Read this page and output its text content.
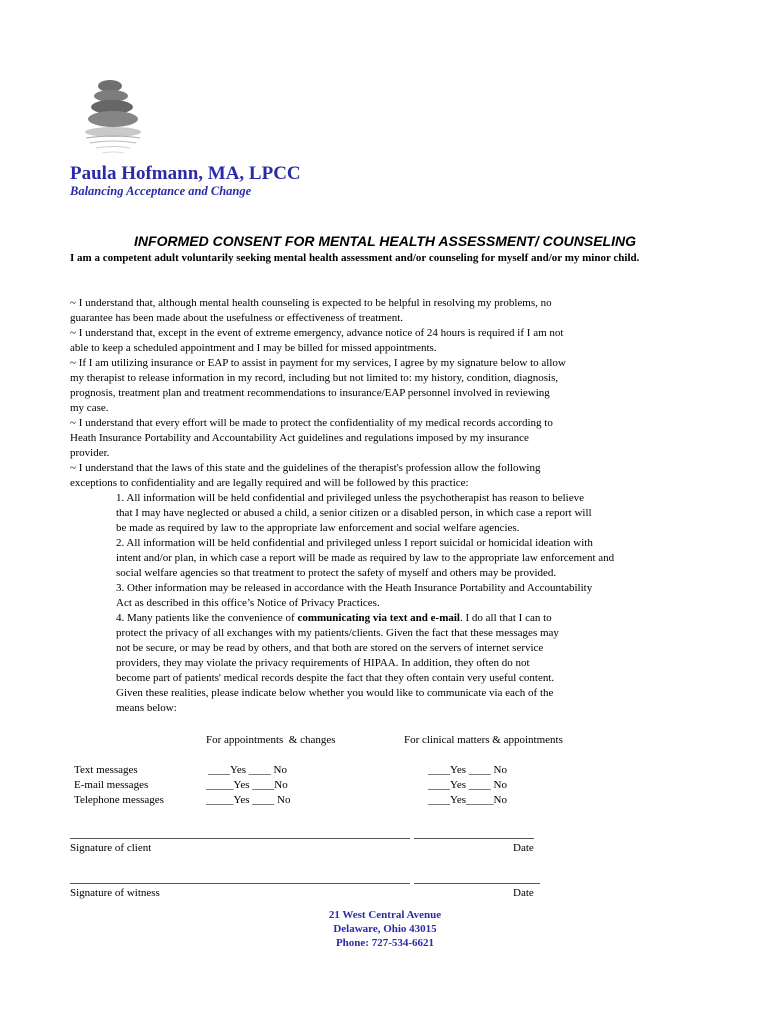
Paula Hofmann, MA, LPCC
Balancing Acceptance and Change
INFORMED CONSENT FOR MENTAL HEALTH ASSESSMENT/ COUNSELING
I am a competent adult voluntarily seeking mental health assessment and/or counseling for myself and/or my minor child.
~ I understand that, although mental health counseling is expected to be helpful in resolving my problems, no
guarantee has been made about the usefulness or effectiveness of treatment.
~ I understand that, except in the event of extreme emergency, advance notice of 24 hours is required if I am not
able to keep a scheduled appointment and I may be billed for missed appointments.
~ If I am utilizing insurance or EAP to assist in payment for my services, I agree by my signature below to allow
my therapist to release information in my record, including but not limited to: my history, condition, diagnosis,
prognosis, treatment plan and treatment recommendations to insurance/EAP personnel involved in reviewing
my case.
~ I understand that every effort will be made to protect the confidentiality of my medical records according to
Heath Insurance Portability and Accountability Act guidelines and regulations imposed by my insurance
provider.
~ I understand that the laws of this state and the guidelines of the therapist's profession allow the following
exceptions to confidentiality and are legally required and will be followed by this practice:
1. All information will be held confidential and privileged unless the psychotherapist has reason to believe
that I may have neglected or abused a child, a senior citizen or a disabled person, in which case a report will
be made as required by law to the appropriate law enforcement and social welfare agencies.
2. All information will be held confidential and privileged unless I report suicidal or homicidal ideation with
intent and/or plan, in which case a report will be made as required by law to the appropriate law enforcement and
social welfare agencies so that treatment to protect the safety of myself and others may be provided.
3. Other information may be released in accordance with the Heath Insurance Portability and Accountability
Act as described in this office’s Notice of Privacy Practices.
4. Many patients like the convenience of communicating via text and e-mail. I do all that I can to
protect the privacy of all exchanges with my patients/clients. Given the fact that these messages may
not be secure, or may be read by others, and that both are stored on the servers of internet service
providers, they may violate the privacy requirements of HIPAA. In addition, they often do not
become part of patients' medical records despite the fact that they often contain very useful content.
Given these realities, please indicate below whether you would like to communicate via each of the
means below:
For appointments  & changes	For clinical matters & appointments
Text messages	____Yes ____ No	____Yes ____ No
E-mail messages	_____Yes ____No	____Yes ____ No
Telephone messages	_____Yes ____ No	____Yes_____No
Signature of client	Date
Signature of witness	Date
21 West Central Avenue
Delaware, Ohio 43015
Phone: 727-534-6621
